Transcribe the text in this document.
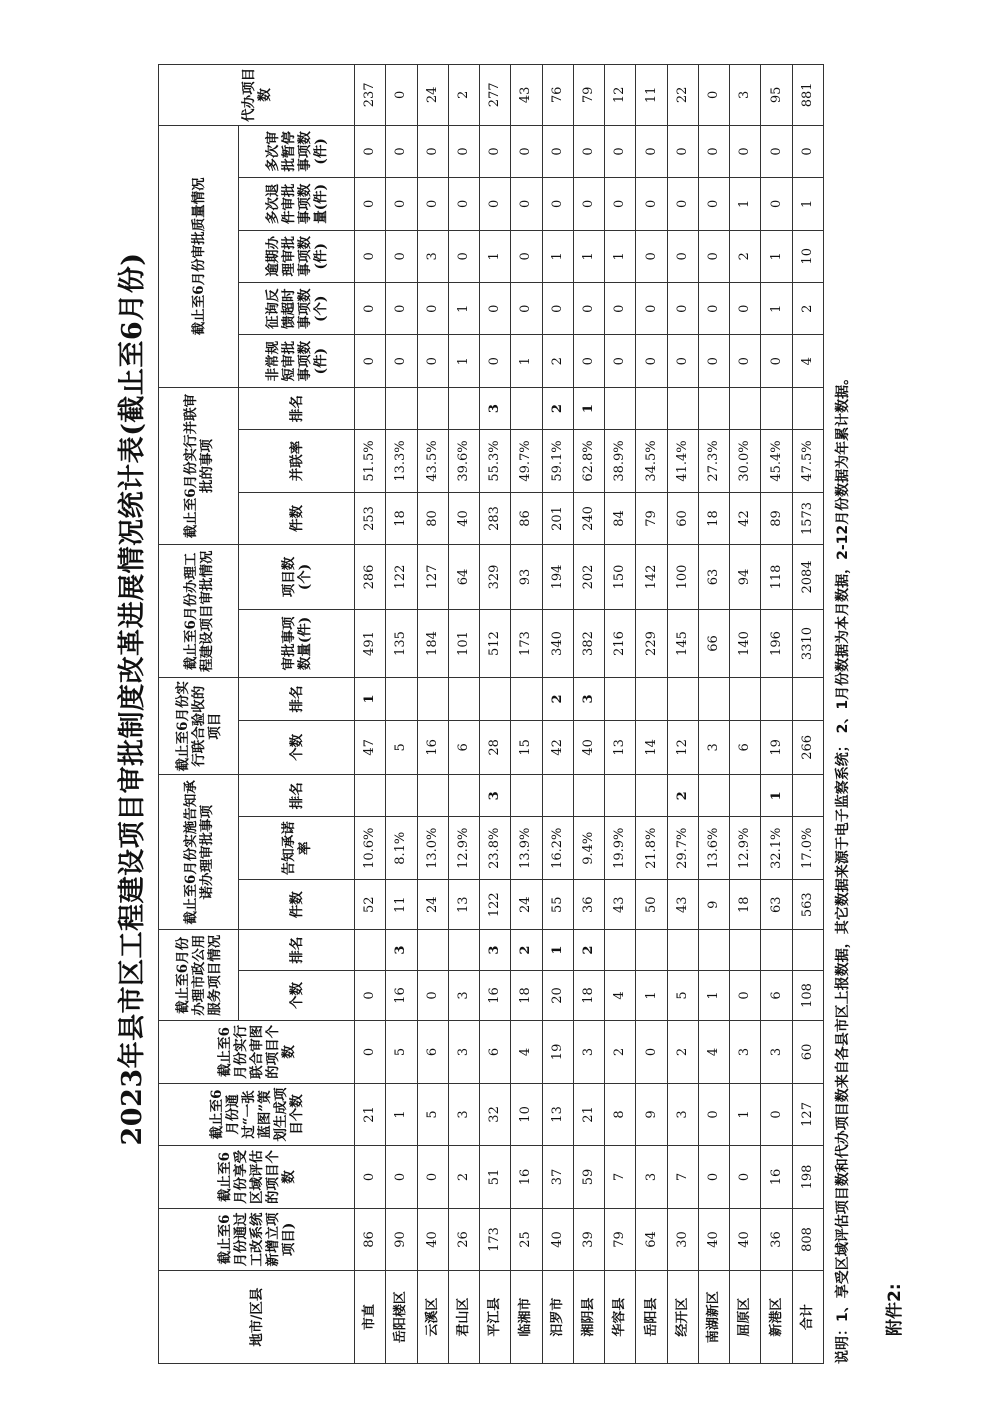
附件2:
2023年县市区工程建设项目审批制度改革进展情况统计表(截止至6月份)
地市/区县	截止至6月份通过工改系统新增立项项目)	截止至6月份享受区域评估的项目个数	截止至6月份通过“一张蓝图”策划生成项目个数	截止至6月份实行联合审图的项目个数	截止至6月份办理市政公用服务项目情况		截止至6月份实施告知承诺办理审批事项			截止至6月份实行联合验收的项目		截止至6月份办理工程建设项目审批情况		截止至6月份实行并联审批的事项			截止至6月份审批质量情况					代办项目数
					个数	排名	件数	告知承诺率	排名	个数	排名	审批事项数量(件)	项目数(个)	件数	并联率	排名	非常规短审批事项数(件)	征询反馈超时事项数(个)	逾期办理审批事项数(件)	多次退件审批事项数量(件)	多次审批暂停事项数(件)	
市直	86	0	21	0	0		52	10.6%		47	1	491	286	253	51.5%		0	0	0	0	0	237
岳阳楼区	90	0	1	5	16	3	11	8.1%		5		135	122	18	13.3%		0	0	0	0	0	0
云溪区	40	0	5	6	0		24	13.0%		16		184	127	80	43.5%		0	0	3	0	0	24
君山区	26	2	3	3	3		13	12.9%		6		101	64	40	39.6%		1	1	0	0	0	2
平江县	173	51	32	6	16	3	122	23.8%	3	28		512	329	283	55.3%	3	0	0	1	0	0	277
临湘市	25	16	10	4	18	2	24	13.9%		15		173	93	86	49.7%		1	0	0	0	0	43
汨罗市	40	37	13	19	20	1	55	16.2%		42	2	340	194	201	59.1%	2	2	0	1	0	0	76
湘阴县	39	59	21	3	18	2	36	9.4%		40	3	382	202	240	62.8%	1	0	0	1	0	0	79
华容县	79	7	8	2	4		43	19.9%		13		216	150	84	38.9%		0	0	1	0	0	12
岳阳县	64	3	9	0	1		50	21.8%		14		229	142	79	34.5%		0	0	0	0	0	11
经开区	30	7	3	2	5		43	29.7%	2	12		145	100	60	41.4%		0	0	0	0	0	22
南湖新区	40	0	0	4	1		9	13.6%		3		66	63	18	27.3%		0	0	0	0	0	0
屈原区	40	0	1	3	0		18	12.9%		6		140	94	42	30.0%		0	0	2	1	0	3
新港区	36	16	0	3	6		63	32.1%	1	19		196	118	89	45.4%		0	1	1	0	0	95
合计	808	198	127	60	108		563	17.0%		266		3310	2084	1573	47.5%		4	2	10	1	0	881
说明：1、享受区域评估项目数和代办项目数来自各县市区上报数据，其它数据来源于电子监察系统； 2、1月份数据为本月数据，2-12月份数据为年累计数据。
